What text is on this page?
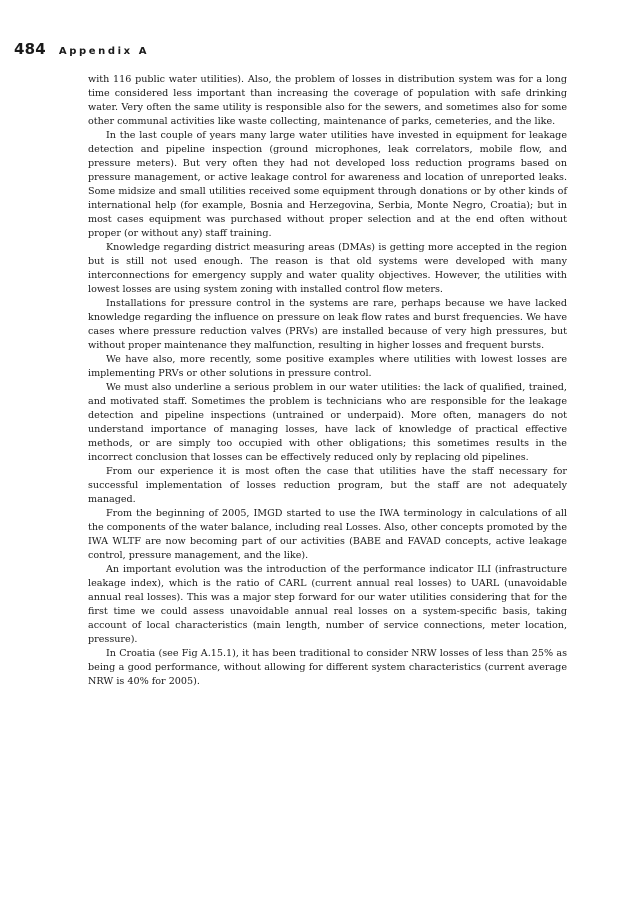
484 Appendix A

with 116 public water utilities). Also, the problem of losses in distribution system was for a long time considered less important than increasing the coverage of population with safe drinking water. Very often the same utility is responsible also for the sewers, and sometimes also for some other communal activities like waste collecting, maintenance of parks, cemeteries, and the like.

In the last couple of years many large water utilities have invested in equipment for leakage detection and pipeline inspection (ground microphones, leak correlators, mobile flow, and pressure meters). But very often they had not developed loss reduction programs based on pressure management, or active leakage control for awareness and location of unreported leaks. Some midsize and small utilities received some equipment through donations or by other kinds of international help (for example, Bosnia and Herzegovina, Serbia, Monte Negro, Croatia); but in most cases equipment was purchased without proper selection and at the end often without proper (or without any) staff training.

Knowledge regarding district measuring areas (DMAs) is getting more accepted in the region but is still not used enough. The reason is that old systems were developed with many interconnections for emergency supply and water quality objectives. However, the utilities with lowest losses are using system zoning with installed control flow meters.

Installations for pressure control in the systems are rare, perhaps because we have lacked knowledge regarding the influence on pressure on leak flow rates and burst frequencies. We have cases where pressure reduction valves (PRVs) are installed because of very high pressures, but without proper maintenance they malfunction, resulting in higher losses and frequent bursts.

We have also, more recently, some positive examples where utilities with lowest losses are implementing PRVs or other solutions in pressure control.

We must also underline a serious problem in our water utilities: the lack of qualified, trained, and motivated staff. Sometimes the problem is technicians who are responsible for the leakage detection and pipeline inspections (untrained or underpaid). More often, managers do not understand importance of managing losses, have lack of knowledge of practical effective methods, or are simply too occupied with other obligations; this sometimes results in the incorrect conclusion that losses can be effectively reduced only by replacing old pipelines.

From our experience it is most often the case that utilities have the staff necessary for successful implementation of losses reduction program, but the staff are not adequately managed.

From the beginning of 2005, IMGD started to use the IWA terminology in calculations of all the components of the water balance, including real Losses. Also, other concepts promoted by the IWA WLTF are now becoming part of our activities (BABE and FAVAD concepts, active leakage control, pressure management, and the like).

An important evolution was the introduction of the performance indicator ILI (infrastructure leakage index), which is the ratio of CARL (current annual real losses) to UARL (unavoidable annual real losses). This was a major step forward for our water utilities considering that for the first time we could assess unavoidable annual real losses on a system-specific basis, taking account of local characteristics (main length, number of service connections, meter location, pressure).

In Croatia (see Fig A.15.1), it has been traditional to consider NRW losses of less than 25% as being a good performance, without allowing for different system characteristics (current average NRW is 40% for 2005).
